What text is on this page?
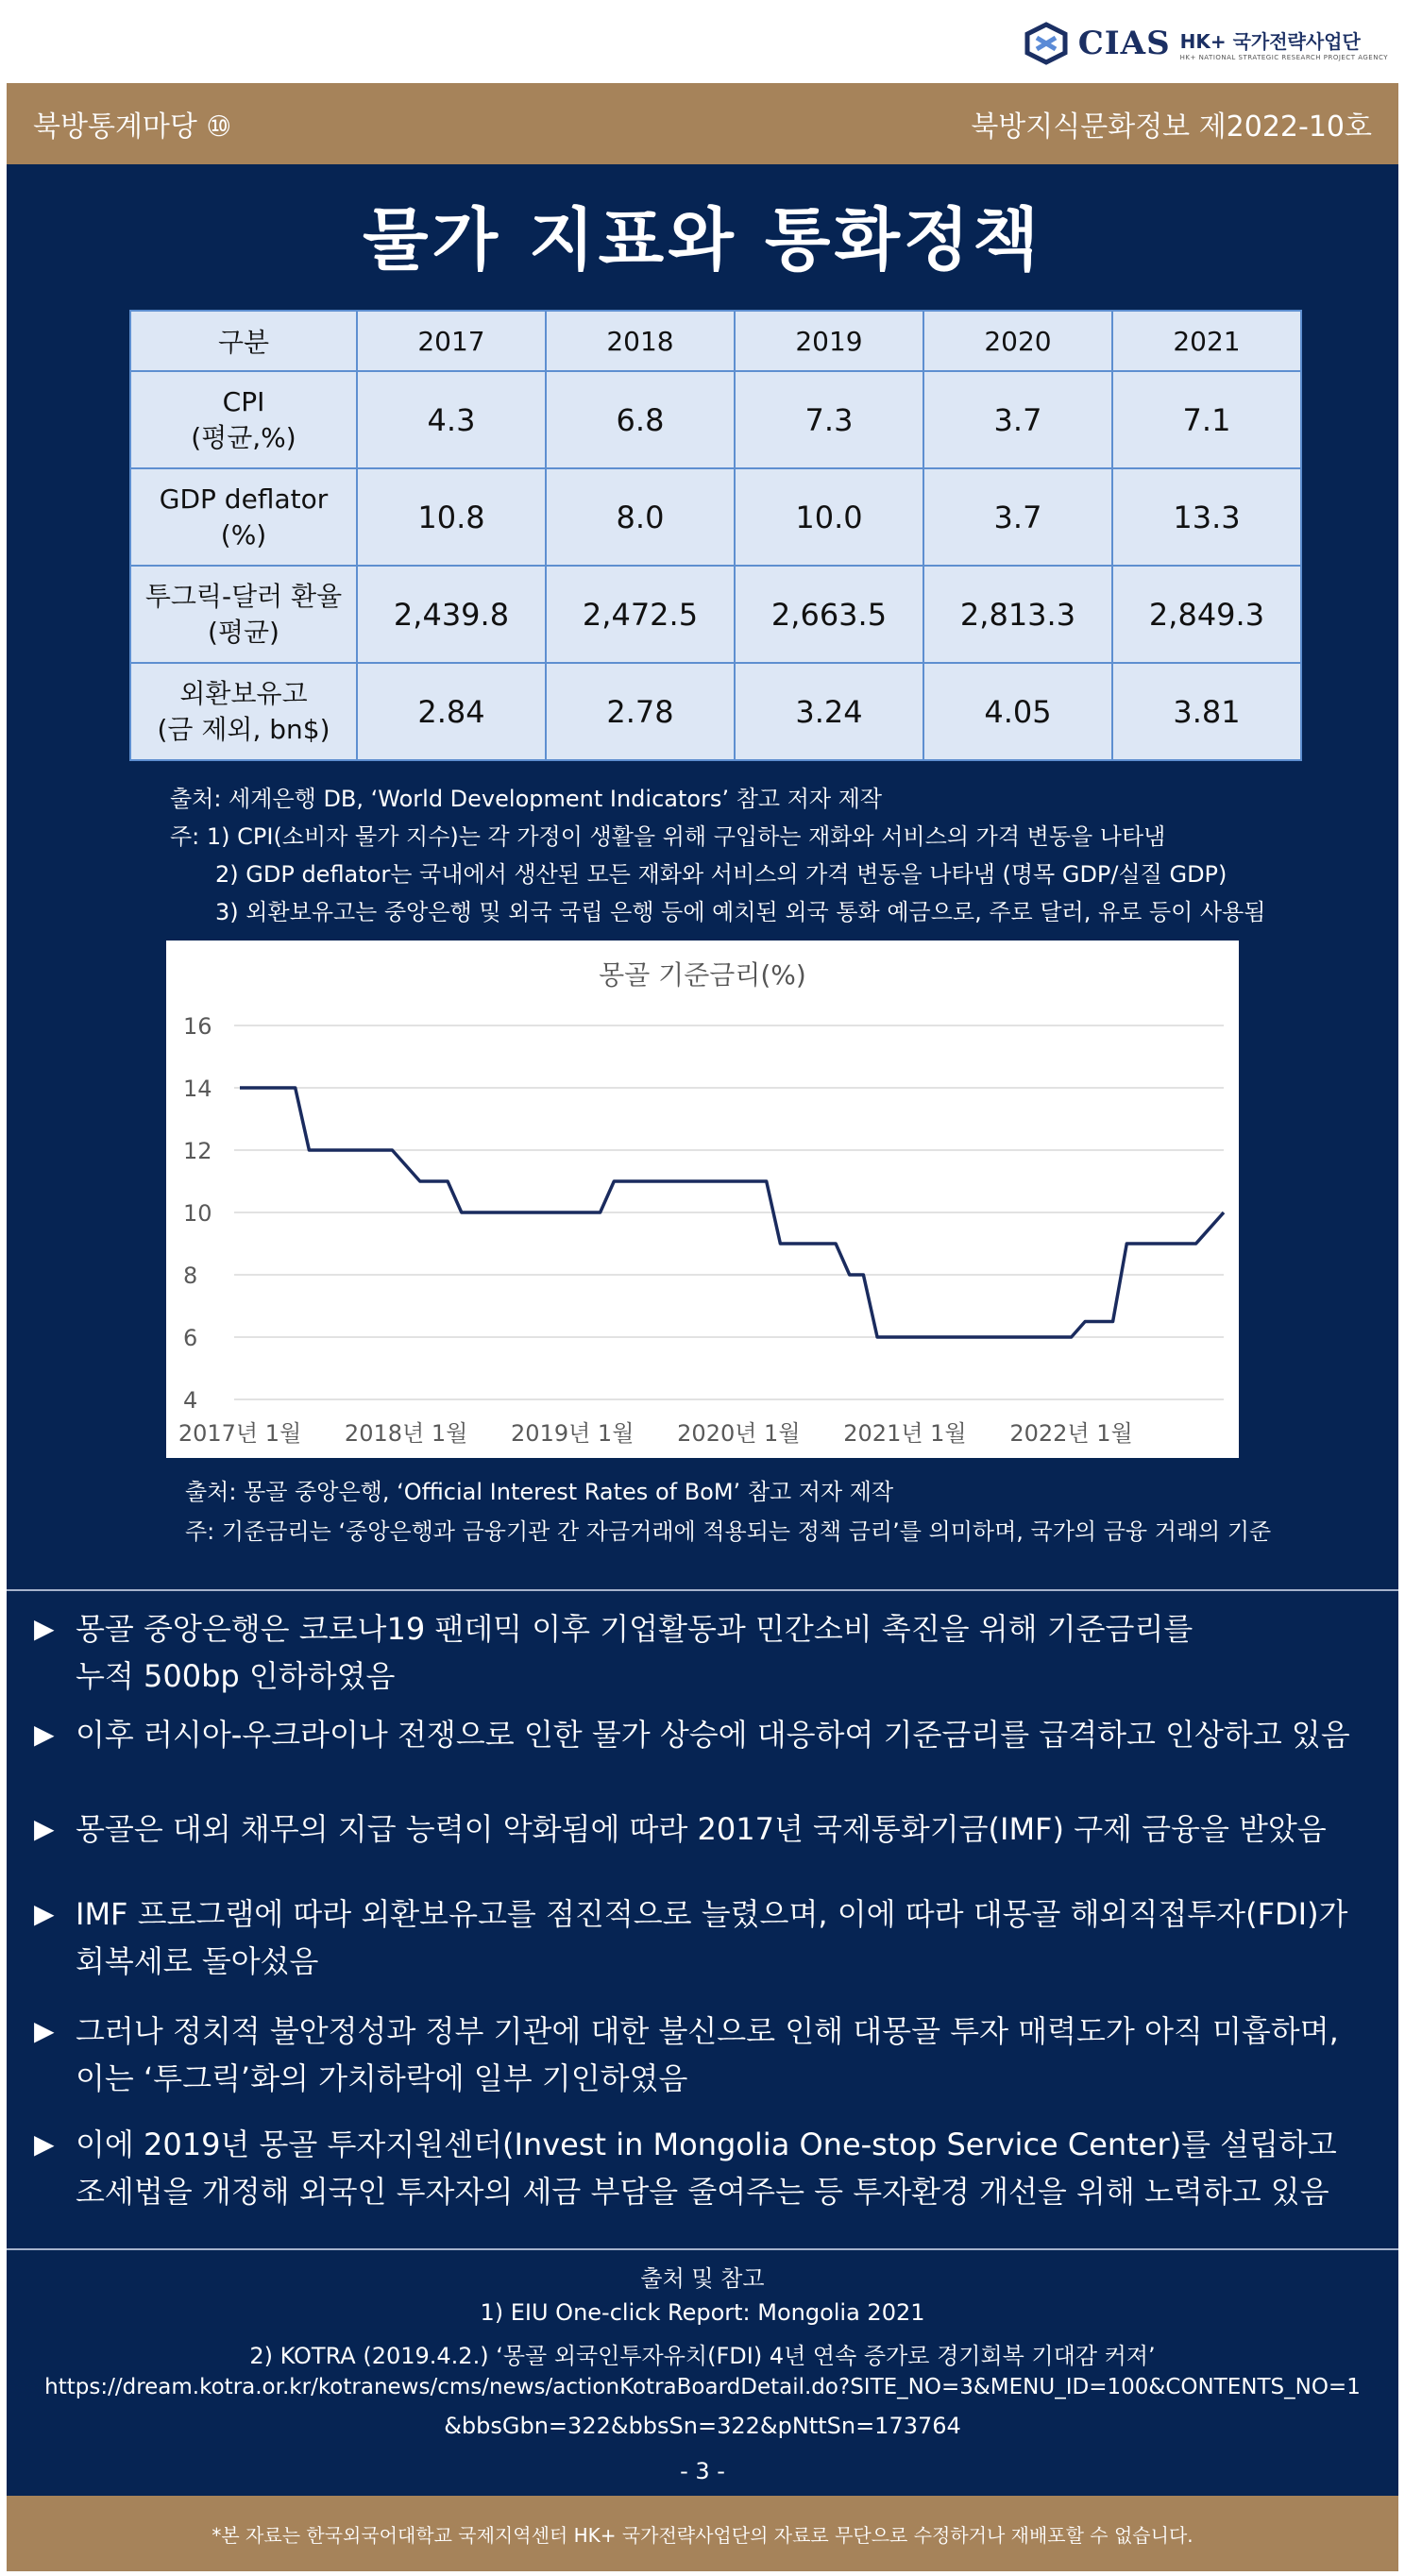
CIAS HK+ 국가전략사업단
HK+ NATIONAL STRATEGIC RESEARCH PROJECT AGENCY
북방통계마당 ⑩	북방지식문화정보 제2022-10호
물가 지표와 통화정책
구분	2017	2018	2019	2020	2021
CPI
(평균,%)	4.3	6.8	7.3	3.7	7.1
GDP deflator
(%)	10.8	8.0	10.0	3.7	13.3
투그릭-달러 환율
(평균)	2,439.8	2,472.5	2,663.5	2,813.3	2,849.3
외환보유고
(금 제외, bn$)	2.84	2.78	3.24	4.05	3.81
출처: 세계은행 DB, ‘World Development Indicators’ 참고 저자 제작
주: 1) CPI(소비자 물가 지수)는 각 가정이 생활을 위해 구입하는 재화와 서비스의 가격 변동을 나타냄
2) GDP deflator는 국내에서 생산된 모든 재화와 서비스의 가격 변동을 나타냄 (명목 GDP/실질 GDP)
3) 외환보유고는 중앙은행 및 외국 국립 은행 등에 예치된 외국 통화 예금으로, 주로 달러, 유로 등이 사용됨
몽골 기준금리(%)
4
6
8
10
12
14
16
2017년 1월 2018년 1월 2019년 1월 2020년 1월 2021년 1월 2022년 1월
출처: 몽골 중앙은행, ‘Official Interest Rates of BoM’ 참고 저자 제작
주: 기준금리는 ‘중앙은행과 금융기관 간 자금거래에 적용되는 정책 금리’를 의미하며, 국가의 금융 거래의 기준
▶ 몽골 중앙은행은 코로나19 팬데믹 이후 기업활동과 민간소비 촉진을 위해 기준금리를
누적 500bp 인하하였음
▶ 이후 러시아-우크라이나 전쟁으로 인한 물가 상승에 대응하여 기준금리를 급격하고 인상하고 있음
▶ 몽골은 대외 채무의 지급 능력이 악화됨에 따라 2017년 국제통화기금(IMF) 구제 금융을 받았음
▶ IMF 프로그램에 따라 외환보유고를 점진적으로 늘렸으며, 이에 따라 대몽골 해외직접투자(FDI)가
회복세로 돌아섰음
▶ 그러나 정치적 불안정성과 정부 기관에 대한 불신으로 인해 대몽골 투자 매력도가 아직 미흡하며,
이는 ‘투그릭’화의 가치하락에 일부 기인하였음
▶ 이에 2019년 몽골 투자지원센터(Invest in Mongolia One-stop Service Center)를 설립하고
조세법을 개정해 외국인 투자자의 세금 부담을 줄여주는 등 투자환경 개선을 위해 노력하고 있음
출처 및 참고
1) EIU One-click Report: Mongolia 2021
2) KOTRA (2019.4.2.) ‘몽골 외국인투자유치(FDI) 4년 연속 증가로 경기회복 기대감 커져’
https://dream.kotra.or.kr/kotranews/cms/news/actionKotraBoardDetail.do?SITE_NO=3&MENU_ID=100&CONTENTS_NO=1
&bbsGbn=322&bbsSn=322&pNttSn=173764
- 3 -
*본 자료는 한국외국어대학교 국제지역센터 HK+ 국가전략사업단의 자료로 무단으로 수정하거나 재배포할 수 없습니다.
